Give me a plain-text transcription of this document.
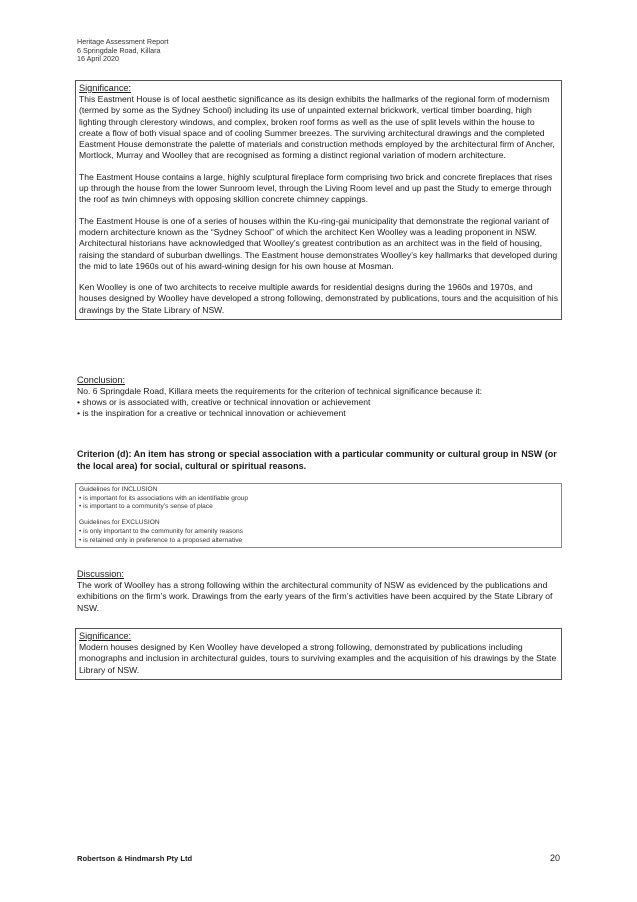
Heritage Assessment Report
6 Springdale Road, Killara
16 April 2020
Significance:

This Eastment House is of local aesthetic significance as its design exhibits the hallmarks of the regional form of modernism (termed by some as the Sydney School) including its use of unpainted external brickwork, vertical timber boarding, high lighting through clerestory windows, and complex, broken roof forms as well as the use of split levels within the house to create a flow of both visual space and of cooling Summer breezes. The surviving architectural drawings and the completed Eastment House demonstrate the palette of materials and construction methods employed by the architectural firm of Ancher, Mortlock, Murray and Woolley that are recognised as forming a distinct regional variation of modern architecture.

The Eastment House contains a large, highly sculptural fireplace form comprising two brick and concrete fireplaces that rises up through the house from the lower Sunroom level, through the Living Room level and up past the Study to emerge through the roof as twin chimneys with opposing skillion concrete chimney cappings.

The Eastment House is one of a series of houses within the Ku-ring-gai municipality that demonstrate the regional variant of modern architecture known as the “Sydney School” of which the architect Ken Woolley was a leading proponent in NSW. Architectural historians have acknowledged that Woolley’s greatest contribution as an architect was in the field of housing, raising the standard of suburban dwellings. The Eastment house demonstrates Woolley’s key hallmarks that developed during the mid to late 1960s out of his award-wining design for his own house at Mosman.

Ken Woolley is one of two architects to receive multiple awards for residential designs during the 1960s and 1970s, and houses designed by Woolley have developed a strong following, demonstrated by publications, tours and the acquisition of his drawings by the State Library of NSW.

Conclusion:

No. 6 Springdale Road, Killara meets the requirements for the criterion of technical significance because it:

• shows or is associated with, creative or technical innovation or achievement
• is the inspiration for a creative or technical innovation or achievement
Criterion (d): An item has strong or special association with a particular community or cultural group in NSW (or the local area) for social, cultural or spiritual reasons.
Guidelines for INCLUSION
• is important for its associations with an identifiable group
• is important to a community’s sense of place
Guidelines for EXCLUSION
• is only important to the community for amenity reasons
• is retained only in preference to a proposed alternative
Discussion:

The work of Woolley has a strong following within the architectural community of NSW as evidenced by the publications and exhibitions on the firm’s work. Drawings from the early years of the firm’s activities have been acquired by the State Library of NSW.

Significance:

Modern houses designed by Ken Woolley have developed a strong following, demonstrated by publications including monographs and inclusion in architectural guides, tours to surviving examples and the acquisition of his drawings by the State Library of NSW.

Robertson & Hindmarsh Pty Ltd	20
